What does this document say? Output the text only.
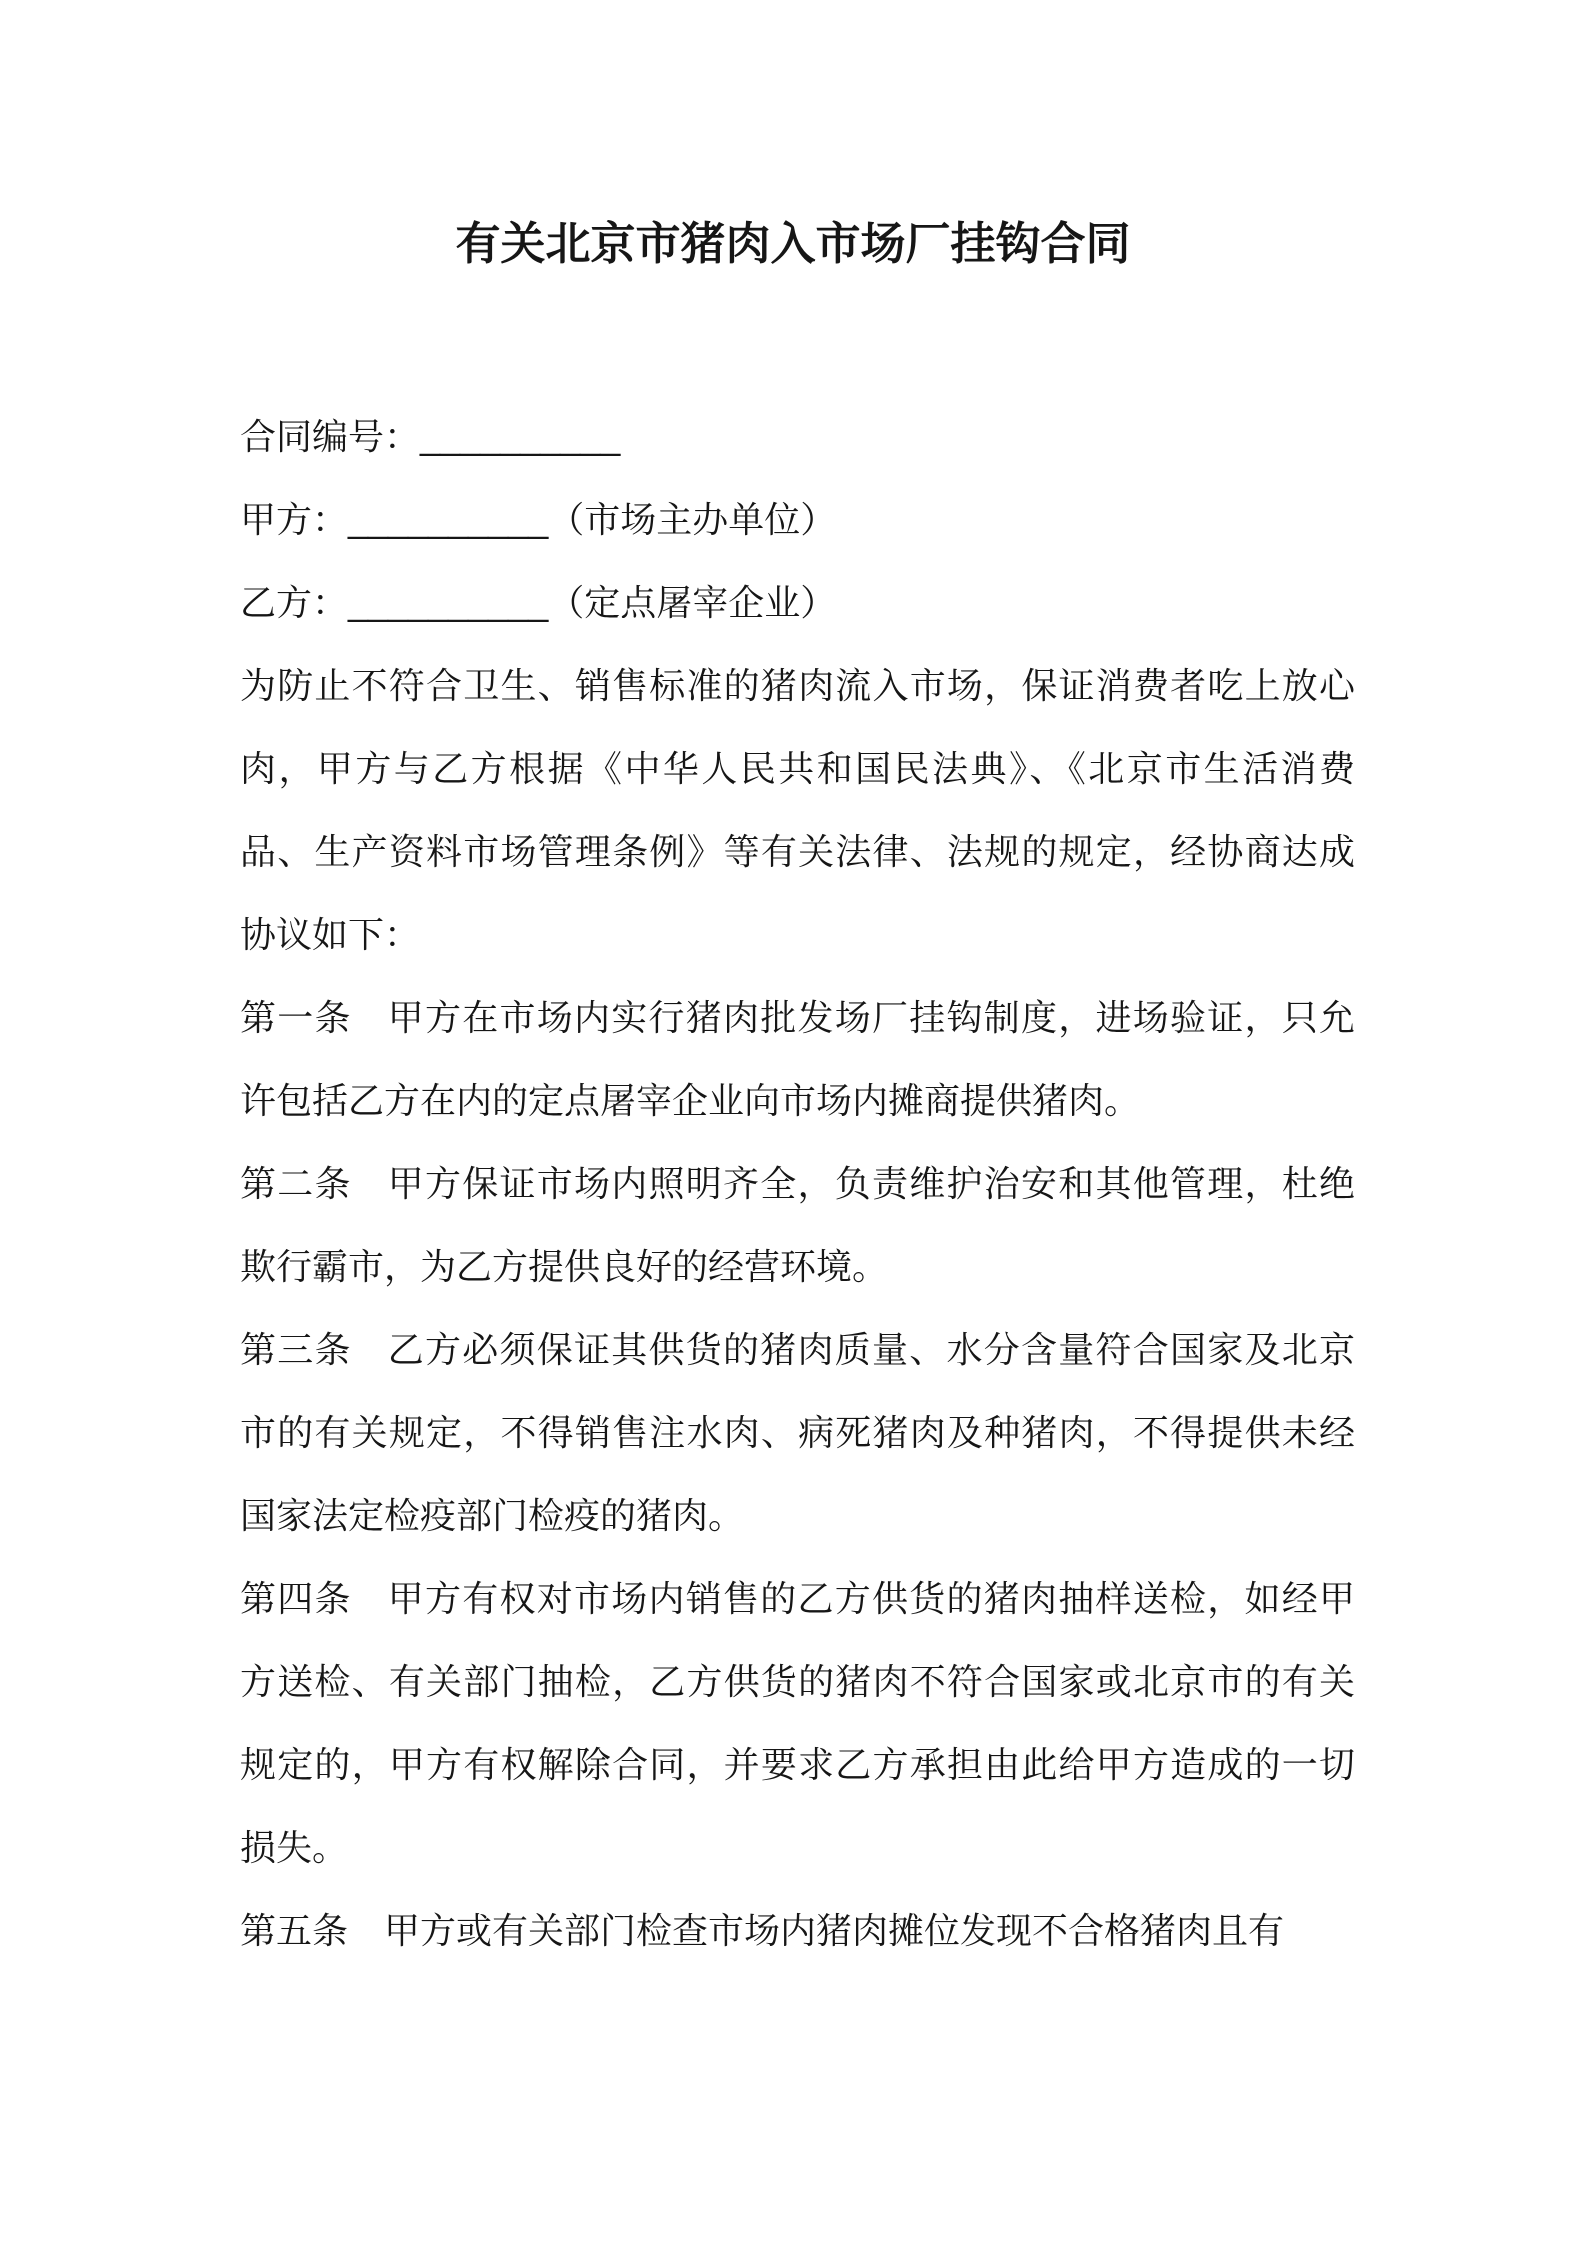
有关北京市猪肉入市场厂挂钩合同

合同编号：__________

甲方：__________（市场主办单位）

乙方：__________（定点屠宰企业）

为防止不符合卫生、销售标准的猪肉流入市场，保证消费者吃上放心肉，甲方与乙方根据《中华人民共和国民法典》、《北京市生活消费品、生产资料市场管理条例》等有关法律、法规的规定，经协商达成协议如下：

第一条 甲方在市场内实行猪肉批发场厂挂钩制度，进场验证，只允许包括乙方在内的定点屠宰企业向市场内摊商提供猪肉。

第二条 甲方保证市场内照明齐全，负责维护治安和其他管理，杜绝欺行霸市，为乙方提供良好的经营环境。

第三条 乙方必须保证其供货的猪肉质量、水分含量符合国家及北京市的有关规定，不得销售注水肉、病死猪肉及种猪肉，不得提供未经国家法定检疫部门检疫的猪肉。

第四条 甲方有权对市场内销售的乙方供货的猪肉抽样送检，如经甲方送检、有关部门抽检，乙方供货的猪肉不符合国家或北京市的有关规定的，甲方有权解除合同，并要求乙方承担由此给甲方造成的一切损失。

第五条 甲方或有关部门检查市场内猪肉摊位发现不合格猪肉且有
